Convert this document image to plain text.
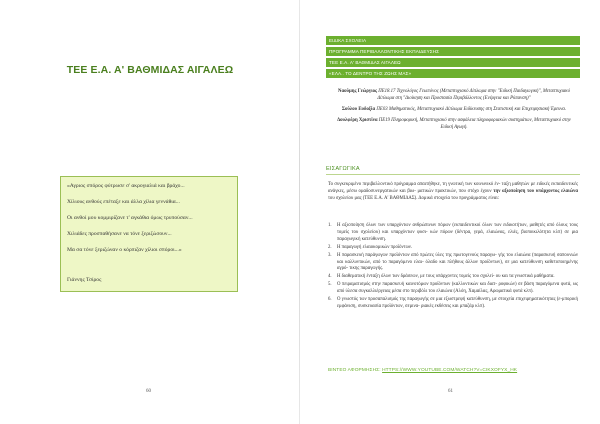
ΤΕΕ Ε.Α. Α' ΒΑΘΜΙΔΑΣ ΑΙΓΑΛΕΩ
«Αγριος σπόρος φύτρωσε σ' ακρογιαλιά και βράχο...
Χίλιους ανθούς επέταξε και άλλα χίλια γεννάθια...
Οι ανθοί μου κομμιρίζανε τ' αγκάθια όμως τρυπούσαν...
Χιλιάδες προσπαθήσανε να τόνε ξεριζώσουν...
Μα σα τόνε ξεριζώναν ο κόρπιζαν χίλιοι σπόροι...»
Γιάννης Τσίρος
60
ΕΙΔΙΚΑ ΣΧΟΛΕΙΑ
ΠΡΟΓΡΑΜΜΑ ΠΕΡΙΒΑΛΛΟΝΤΙΚΗΣ ΕΚΠΑΙΔΕΥΣΗΣ
ΤΕΕ Ε.Α. Α' ΒΑΘΜΙΔΑΣ ΑΙΓΑΛΕΩ
«ΕΛΑ.. ΤΟ ΔΕΝΤΡΟ ΤΗΣ ΖΩΗΣ ΜΑΣ»
Ναούμης Γεώργιος ΠΕ18.17 Τεχνολόγος Γεωπόνος (Μεταπτυχιακό Δίπλωμα στην "Ειδική Παιδαγωγική", Μεταπτυχιακό Δίπλωμα στη "Διοίκηση και Προστασία Περιβάλλοντος (Ενέργεια και Ρύπανση)"
Σούλου Ευδοξία ΠΕ03 Μαθηματικός, Μεταπτυχιακό Δίπλωμα Ειδίκευσης στη Στατιστική και Επιχειρησιακή Έρευνα.
Δουλφέρη Χριστίνα ΠΕ19 Πληροφορική, Μεταπτυχιακό στην ασφάλεια πληροφοριακών συστημάτων, Μεταπτυχιακό στην Ειδική Αγωγή.
ΕΙΣΑΓΩΓΙΚΑ
Το συγκεκριμένο περιβαλλοντικό πρόγραμμα απαιτήθηκε, τη γνωτική των κοινωνικό έν- ταξη μαθητών με ειδικές εκπαιδευτικές ανάγκες, μέσω ομαδοσυνεργατικών και βιω- ματικών πρακτικών, που στόχο έχουν την αξιοποίηση του υπάρχοντος ελαιώνα του σχολείου μας (ΤΕΕ Ε.Α. Α' ΒΑΘΜΙΔΑΣ). Δομικά στοιχεία του προγράμματος είναι:
1.	Η αξιοποίηση όλων των υπαρχόντων ανθρώπινων πόρων (εκπαιδευτικοί όλων των ειδικοτήτων, μαθητές από όλους τους τομείς του σχολείου) και υπαρχόντων φυσι- κών πόρων (δέντρα, γερά, ελαιώνας, ελιές, βιοποικιλότητα κλπ) σε μια παραγωγική κατεύθυνση.
2.	Η παραγωγή ελαιοκομικών προϊόντων.
3.	Η παρασκευή παράγωγων προϊόντων από πρώτες ύλες της πρωτογενούς παραγω- γής του ελαιώνα (παρασκευή σαπουνιών και καλλυντικών, από το παραγόμενο ελαι- όλαδο και πλήθους άλλων προϊόντων), σε μια κατεύθυνση καθετοποιημένης αγρό- τικης παραγωγής.
4.	Η διαθεματική ένταξη όλων των δράσεων, με τους υπάρχοντες τομείς του σχολεί- ου και τα γνωστικά μαθήματα.
5.	Ο πειραματισμός στην παρασκευή καινοτόμων προϊόντων (καλλυντικών και διατ- ροφικών) σε βάση παραγόμενα φυτά, ως από ύλεσα συγκαλλιέργειας μέσα στο περιβόλι του ελαιώνα (Αλόη, Χαμαίλας, Αρωματικά φυτά κλπ).
6.	Ο γνωστός των προσαπαλισμός της παραγωγής σε μια εξωστρεφή κατεύθυνση, με στοιχεία επιχειρηματικότητας (ε-μπορική εμφάνιση, συσκευασία προϊόντων, σεμινα- ριακές εκθέσεις και μπαζάρ κλπ).
ΒΙΝΤΕΟ ΑΦΟΡΜΗΣΗΣ: HTTPS://WWW.YOUTUBE.COM/WATCH?V=CIKXOFYX_HK
61
